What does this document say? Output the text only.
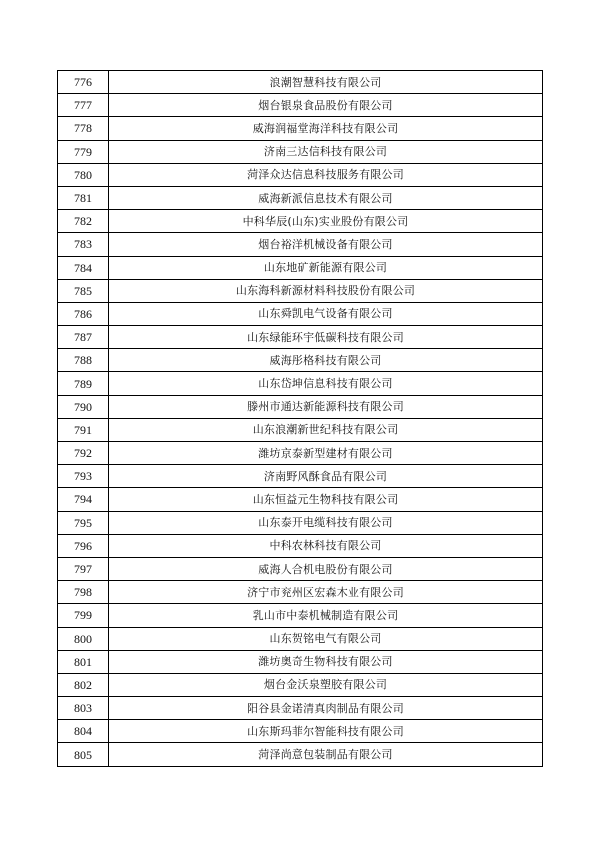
776	浪潮智慧科技有限公司
777	烟台银泉食品股份有限公司
778	威海润福堂海洋科技有限公司
779	济南三达信科技有限公司
780	菏泽众达信息科技服务有限公司
781	威海新派信息技术有限公司
782	中科华辰(山东)实业股份有限公司
783	烟台裕洋机械设备有限公司
784	山东地矿新能源有限公司
785	山东海科新源材料科技股份有限公司
786	山东舜凯电气设备有限公司
787	山东绿能环宇低碳科技有限公司
788	威海彤格科技有限公司
789	山东岱坤信息科技有限公司
790	滕州市通达新能源科技有限公司
791	山东浪潮新世纪科技有限公司
792	潍坊京泰新型建材有限公司
793	济南野风酥食品有限公司
794	山东恒益元生物科技有限公司
795	山东泰开电缆科技有限公司
796	中科农林科技有限公司
797	威海人合机电股份有限公司
798	济宁市兖州区宏森木业有限公司
799	乳山市中泰机械制造有限公司
800	山东贺铭电气有限公司
801	潍坊奥奇生物科技有限公司
802	烟台金沃泉塑胶有限公司
803	阳谷县金诺清真肉制品有限公司
804	山东斯玛菲尔智能科技有限公司
805	菏泽尚意包装制品有限公司
